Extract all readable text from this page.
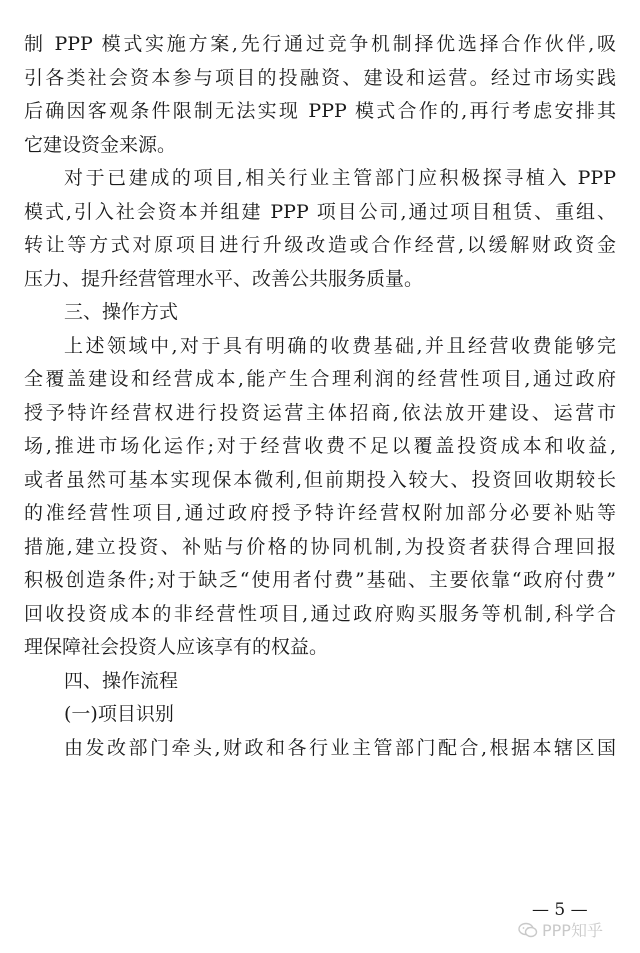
制 PPP 模式实施方案,先行通过竞争机制择优选择合作伙伴,吸
引各类社会资本参与项目的投融资、建设和运营。经过市场实践
后确因客观条件限制无法实现 PPP 模式合作的,再行考虑安排其
它建设资金来源。
对于已建成的项目,相关行业主管部门应积极探寻植入 PPP
模式,引入社会资本并组建 PPP 项目公司,通过项目租赁、重组、
转让等方式对原项目进行升级改造或合作经营,以缓解财政资金
压力、提升经营管理水平、改善公共服务质量。
三、操作方式
上述领域中,对于具有明确的收费基础,并且经营收费能够完
全覆盖建设和经营成本,能产生合理利润的经营性项目,通过政府
授予特许经营权进行投资运营主体招商,依法放开建设、运营市
场,推进市场化运作;对于经营收费不足以覆盖投资成本和收益,
或者虽然可基本实现保本微利,但前期投入较大、投资回收期较长
的准经营性项目,通过政府授予特许经营权附加部分必要补贴等
措施,建立投资、补贴与价格的协同机制,为投资者获得合理回报
积极创造条件;对于缺乏“使用者付费”基础、主要依靠“政府付费”
回收投资成本的非经营性项目,通过政府购买服务等机制,科学合
理保障社会投资人应该享有的权益。
四、操作流程
(一)项目识别
由发改部门牵头,财政和各行业主管部门配合,根据本辖区国
— 5 —
PPP知乎
